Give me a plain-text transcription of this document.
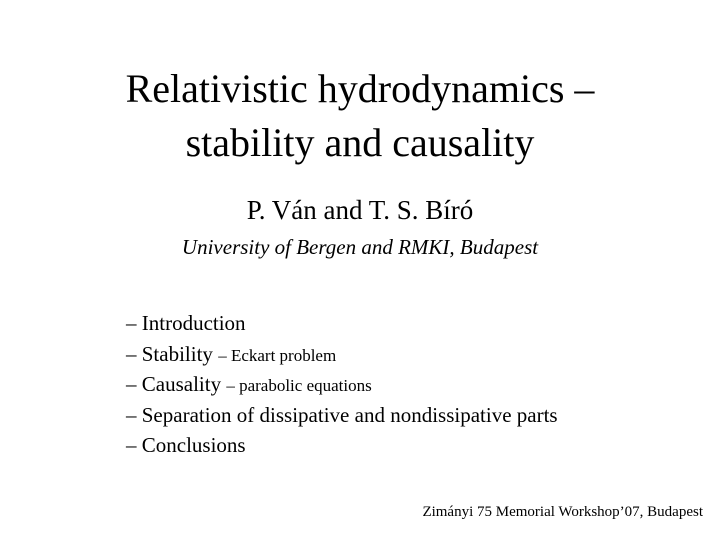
Relativistic hydrodynamics –
stability and causality
P. Ván and T. S. Bíró
University of Bergen and RMKI, Budapest
– Introduction
– Stability – Eckart problem
– Causality – parabolic equations
– Separation of dissipative and nondissipative parts
– Conclusions
Zimányi 75 Memorial Workshop’07, Budapest
